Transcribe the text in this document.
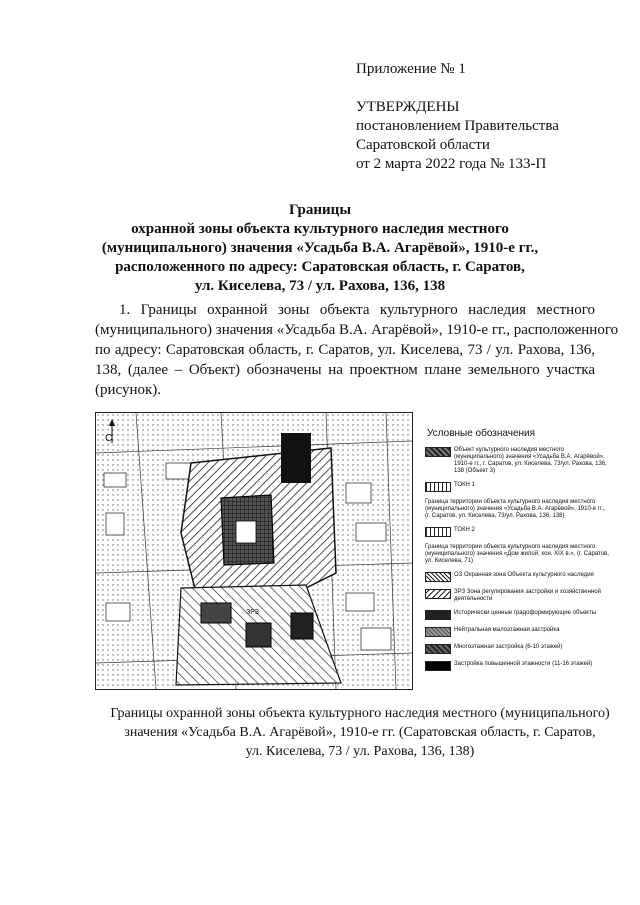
Приложение № 1
УТВЕРЖДЕНЫ
постановлением Правительства
Саратовской области
от 2 марта 2022 года № 133-П
Границы
охранной зоны объекта культурного наследия местного
(муниципального) значения «Усадьба В.А. Агарёвой», 1910-е гг.,
расположенного по адресу: Саратовская область, г. Саратов,
ул. Киселева, 73 / ул. Рахова, 136, 138
1. Границы охранной зоны объекта культурного наследия местного
(муниципального) значения «Усадьба В.А. Агарёвой», 1910-е гг., расположенного
по адресу: Саратовская область, г. Саратов, ул. Киселева, 73 / ул. Рахова, 136,
138, (далее – Объект) обозначены на проектном плане земельного участка
(рисунок).
С
ЗРЗ
Условные обозначения
Объект культурного наследия местного (муниципального) значения «Усадьба В.А. Агарёвой», 1910-е гг., г. Саратов, ул. Киселева, 73/ул. Рахова, 136, 138 (Объект 3)
ТОКН 1
Граница территории объекта культурного наследия местного (муниципального) значения «Усадьба В.А. Агарёвой», 1910-е гг., (г. Саратов, ул. Киселева, 73/ул. Рахова, 136, 138)
ТОКН 2
Граница территории объекта культурного наследия местного (муниципального) значения «Дом жилой, кон. XIX в.», (г. Саратов, ул. Киселева, 71)
ОЗ Охранная зона Объекта культурного наследия
ЗРЗ Зона регулирования застройки и хозяйственной деятельности
Исторически ценные градоформирующие объекты
Нейтральная малоэтажная застройка
Многоэтажная застройка (6-10 этажей)
Застройка повышенной этажности (11-16 этажей)
Границы охранной зоны объекта культурного наследия местного (муниципального)
значения «Усадьба В.А. Агарёвой», 1910-е гг. (Саратовская область, г. Саратов,
ул. Киселева, 73 / ул. Рахова, 136, 138)
